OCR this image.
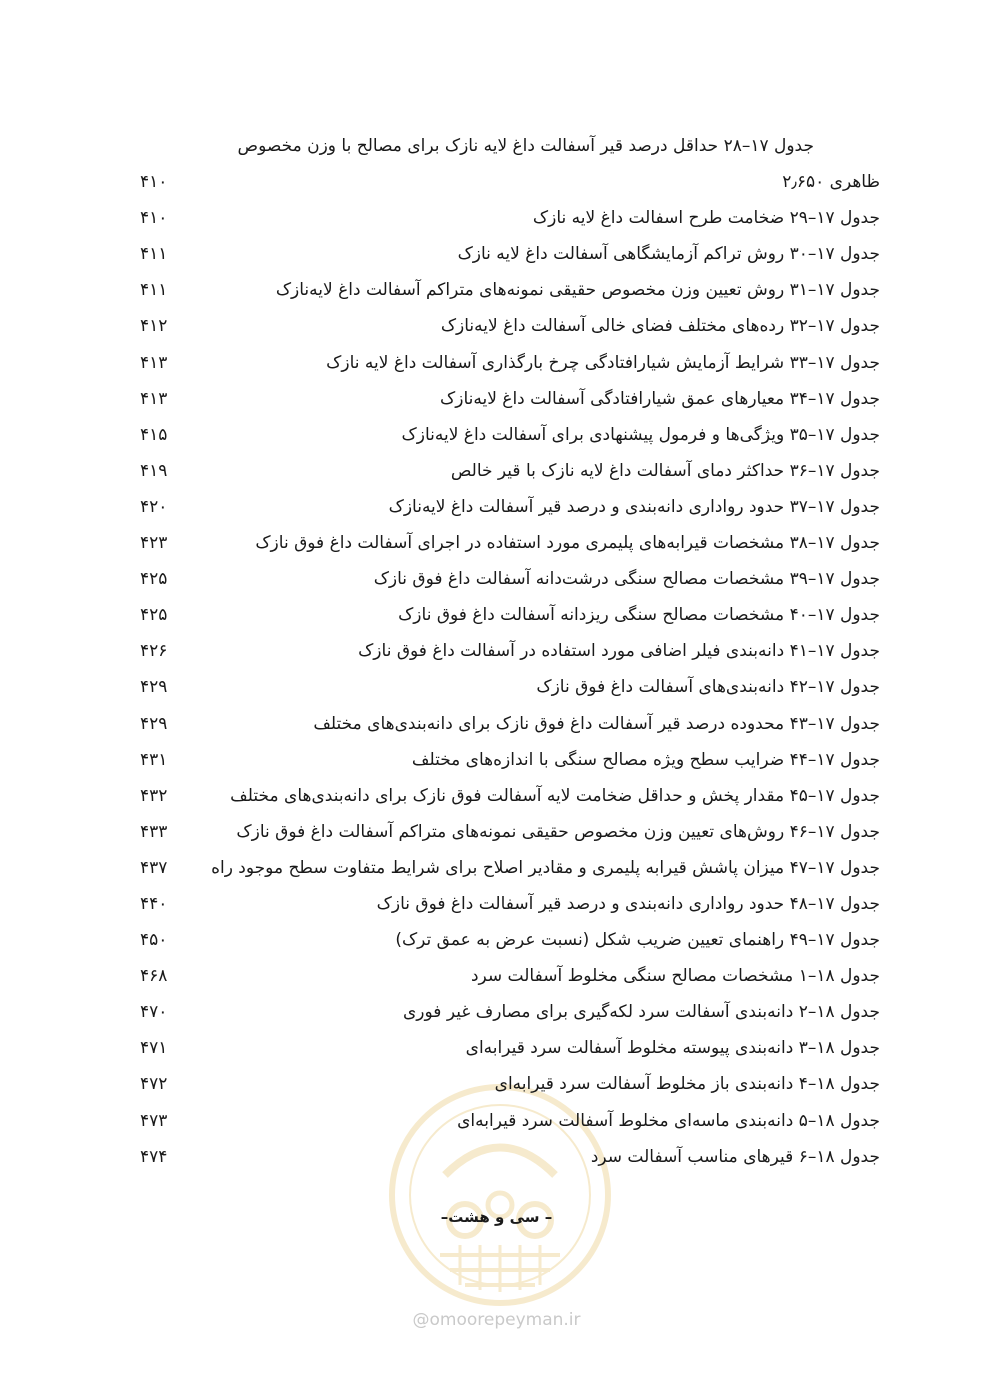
جدول ۱۷–۲۸ حداقل درصد قیر آسفالت داغ لایه نازک برای مصالح با وزن مخصوص
ظاهری ۲٫۶۵۰
۴۱۰
جدول ۱۷–۲۹ ضخامت طرح اسفالت داغ لایه نازک
۴۱۰
جدول ۱۷–۳۰ روش تراکم آزمایشگاهی آسفالت داغ لایه نازک
۴۱۱
جدول ۱۷–۳۱ روش تعیین وزن مخصوص حقیقی نمونه‌های متراکم آسفالت داغ لایه‌نازک
۴۱۱
جدول ۱۷–۳۲ رده‌های مختلف فضای خالی آسفالت داغ لایه‌نازک
۴۱۲
جدول ۱۷–۳۳ شرایط آزمایش شیارافتادگی چرخ بارگذاری آسفالت داغ لایه نازک
۴۱۳
جدول ۱۷–۳۴ معیارهای عمق شیارافتادگی آسفالت داغ لایه‌نازک
۴۱۳
جدول ۱۷–۳۵ ویژگی‌ها و فرمول پیشنهادی برای آسفالت داغ لایه‌نازک
۴۱۵
جدول ۱۷–۳۶ حداکثر دمای آسفالت داغ لایه نازک با قیر خالص
۴۱۹
جدول ۱۷–۳۷ حدود رواداری دانه‌بندی و درصد قیر آسفالت داغ لایه‌نازک
۴۲۰
جدول ۱۷–۳۸ مشخصات قیرابه‌های پلیمری مورد استفاده در اجرای آسفالت داغ فوق نازک
۴۲۳
جدول ۱۷–۳۹ مشخصات مصالح سنگی درشت‌دانه آسفالت داغ فوق نازک
۴۲۵
جدول ۱۷–۴۰ مشخصات مصالح سنگی ریزدانه آسفالت داغ فوق نازک
۴۲۵
جدول ۱۷–۴۱ دانه‌بندی فیلر اضافی مورد استفاده در آسفالت داغ فوق نازک
۴۲۶
جدول ۱۷–۴۲ دانه‌بندی‌های آسفالت داغ فوق نازک
۴۲۹
جدول ۱۷–۴۳ محدوده درصد قیر آسفالت داغ فوق نازک برای دانه‌بندی‌های مختلف
۴۲۹
جدول ۱۷–۴۴ ضرایب سطح ویژه مصالح سنگی با اندازه‌های مختلف
۴۳۱
جدول ۱۷–۴۵ مقدار پخش و حداقل ضخامت لایه آسفالت فوق نازک برای دانه‌بندی‌های مختلف
۴۳۲
جدول ۱۷–۴۶ روش‌های تعیین وزن مخصوص حقیقی نمونه‌های متراکم آسفالت داغ فوق نازک
۴۳۳
جدول ۱۷–۴۷ میزان پاشش قیرابه پلیمری و مقادیر اصلاح برای شرایط متفاوت سطح موجود راه
۴۳۷
جدول ۱۷–۴۸ حدود رواداری دانه‌بندی و درصد قیر آسفالت داغ فوق نازک
۴۴۰
جدول ۱۷–۴۹ راهنمای تعیین ضریب شکل (نسبت عرض به عمق ترک)
۴۵۰
جدول ۱۸–۱ مشخصات مصالح سنگی مخلوط آسفالت سرد
۴۶۸
جدول ۱۸–۲ دانه‌بندی آسفالت سرد لکه‌گیری برای مصارف غیر فوری
۴۷۰
جدول ۱۸–۳ دانه‌بندی پیوسته مخلوط آسفالت سرد قیرابه‌ای
۴۷۱
جدول ۱۸–۴ دانه‌بندی باز مخلوط آسفالت سرد قیرابه‌ای
۴۷۲
جدول ۱۸–۵ دانه‌بندی ماسه‌ای مخلوط آسفالت سرد قیرابه‌ای
۴۷۳
جدول ۱۸–۶ قیرهای مناسب آسفالت سرد
۴۷۴
– سی و هشت–
@omoorepeyman.ir
